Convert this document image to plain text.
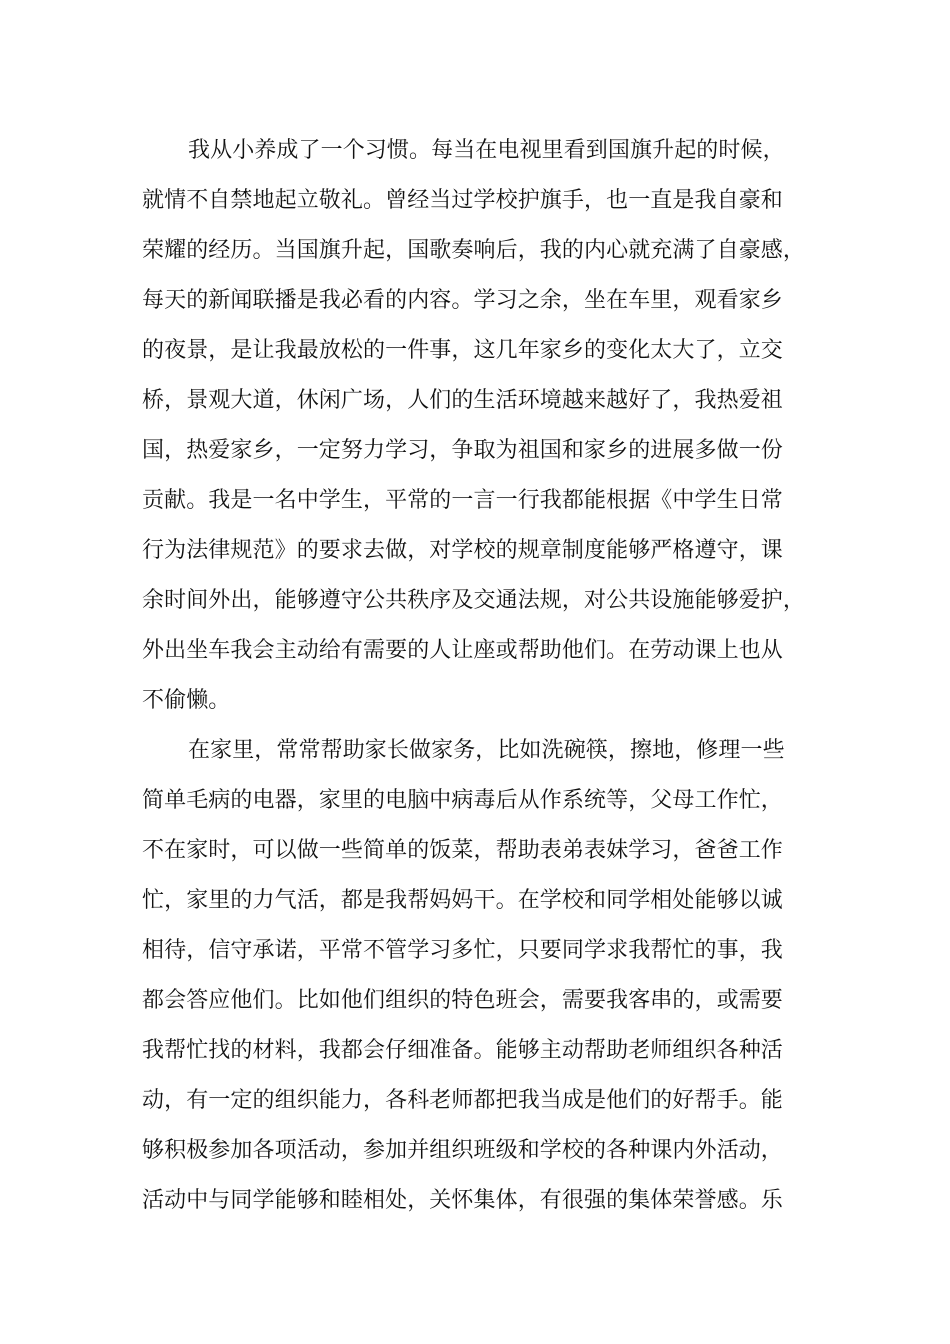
我从小养成了一个习惯。每当在电视里看到国旗升起的时候，
就情不自禁地起立敬礼。曾经当过学校护旗手，也一直是我自豪和
荣耀的经历。当国旗升起，国歌奏响后，我的内心就充满了自豪感，
每天的新闻联播是我必看的内容。学习之余，坐在车里，观看家乡
的夜景，是让我最放松的一件事，这几年家乡的变化太大了，立交
桥，景观大道，休闲广场，人们的生活环境越来越好了，我热爱祖
国，热爱家乡，一定努力学习，争取为祖国和家乡的进展多做一份
贡献。我是一名中学生，平常的一言一行我都能根据《中学生日常
行为法律规范》的要求去做，对学校的规章制度能够严格遵守，课
余时间外出，能够遵守公共秩序及交通法规，对公共设施能够爱护，
外出坐车我会主动给有需要的人让座或帮助他们。在劳动课上也从
不偷懒。
在家里，常常帮助家长做家务，比如洗碗筷，擦地，修理一些
简单毛病的电器，家里的电脑中病毒后从作系统等，父母工作忙，
不在家时，可以做一些简单的饭菜，帮助表弟表妹学习，爸爸工作
忙，家里的力气活，都是我帮妈妈干。在学校和同学相处能够以诚
相待，信守承诺，平常不管学习多忙，只要同学求我帮忙的事，我
都会答应他们。比如他们组织的特色班会，需要我客串的，或需要
我帮忙找的材料，我都会仔细准备。能够主动帮助老师组织各种活
动，有一定的组织能力，各科老师都把我当成是他们的好帮手。能
够积极参加各项活动，参加并组织班级和学校的各种课内外活动，
活动中与同学能够和睦相处，关怀集体，有很强的集体荣誉感。乐
